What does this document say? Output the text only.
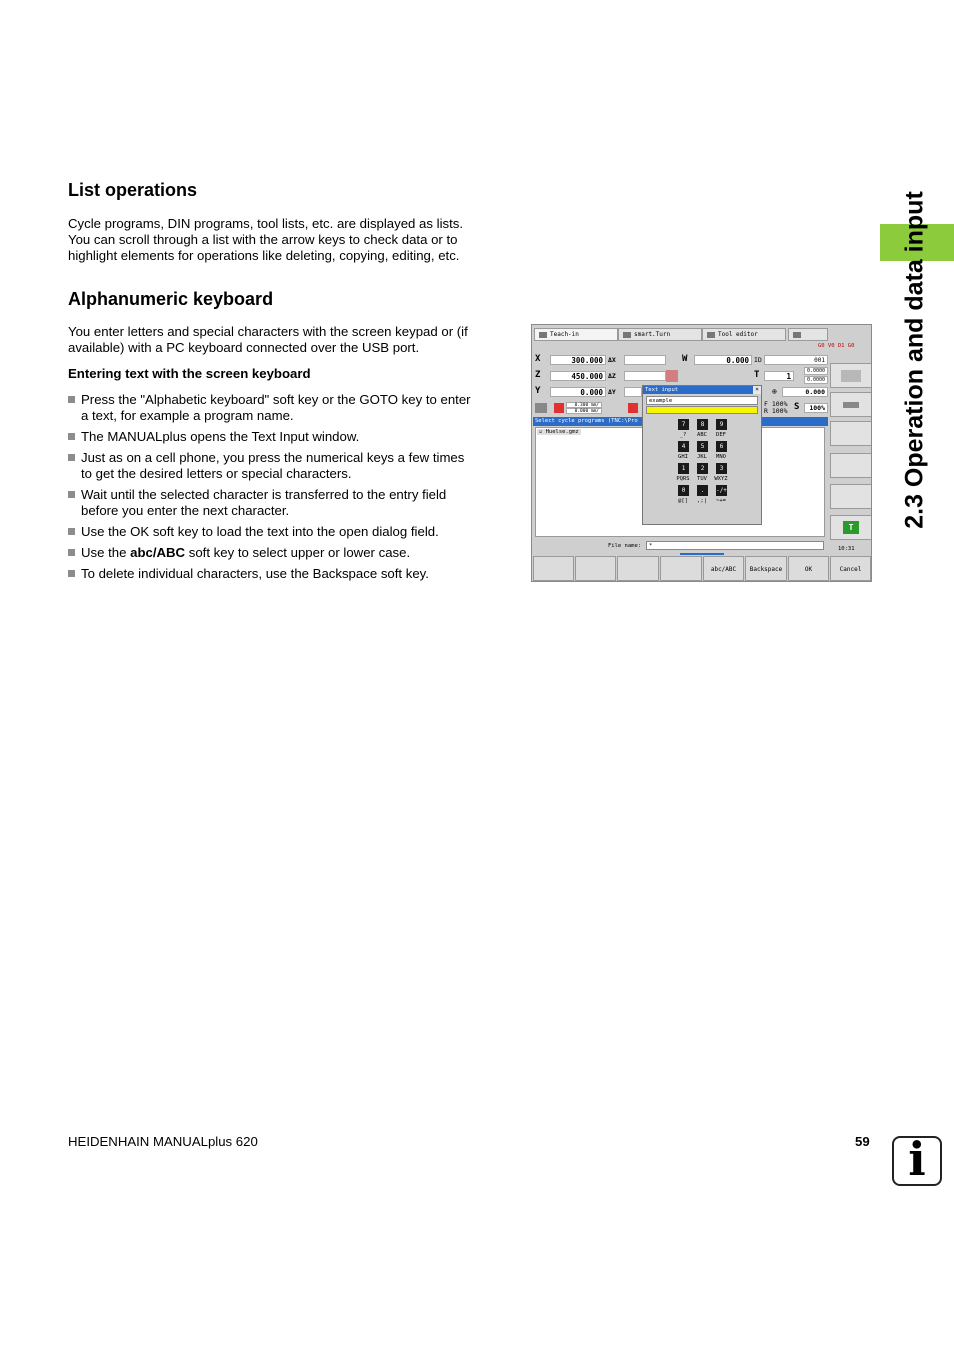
2.3 Operation and data input
List operations
Cycle programs, DIN programs, tool lists, etc. are displayed as lists.
You can scroll through a list with the arrow keys to check data or to
highlight elements for operations like deleting, copying, editing, etc.
Alphanumeric keyboard
You enter letters and special characters with the screen keypad or (if
available) with a PC keyboard connected over the USB port.
Entering text with the screen keyboard
Press the "Alphabetic keyboard" soft key or the GOTO key to enter
a text, for example a program name.
The MANUALplus opens the Text Input window.
Just as on a cell phone, you press the numerical keys a few times
to get the desired letters or special characters.
Wait until the selected character is transferred to the entry field
before you enter the next character.
Use the OK soft key to load the text into the open dialog field.
Use the abc/ABC soft key to select upper or lower case.
To delete individual characters, use the Backspace soft key.
Teach-in	smart.Turn	Tool editor
G0 V0 D1 G0
X	300.000 ΔX
Z	450.000 ΔZ
Y	0.000 ΔY
W	0.000 ID	001
T	1
0.0000
0.0000
⊕	0.000
0.300 mm/
0.000 mm/
F 100%
R 100% S	100%
Select cycle programs (TNC:\Pro
☑ Huelse.gmz
File name:	*
Text input	×
example
7	8	9
_?	ABC	DEF
4	5	6
GHI	JKL	MNO
1	2	3
PQRS	TUV	WXYZ
0	.	-/+
@[]	,;|	~+=
T
10:31
abc/ABC	Backspace	OK	Cancel
HEIDENHAIN MANUALplus 620	59 i
